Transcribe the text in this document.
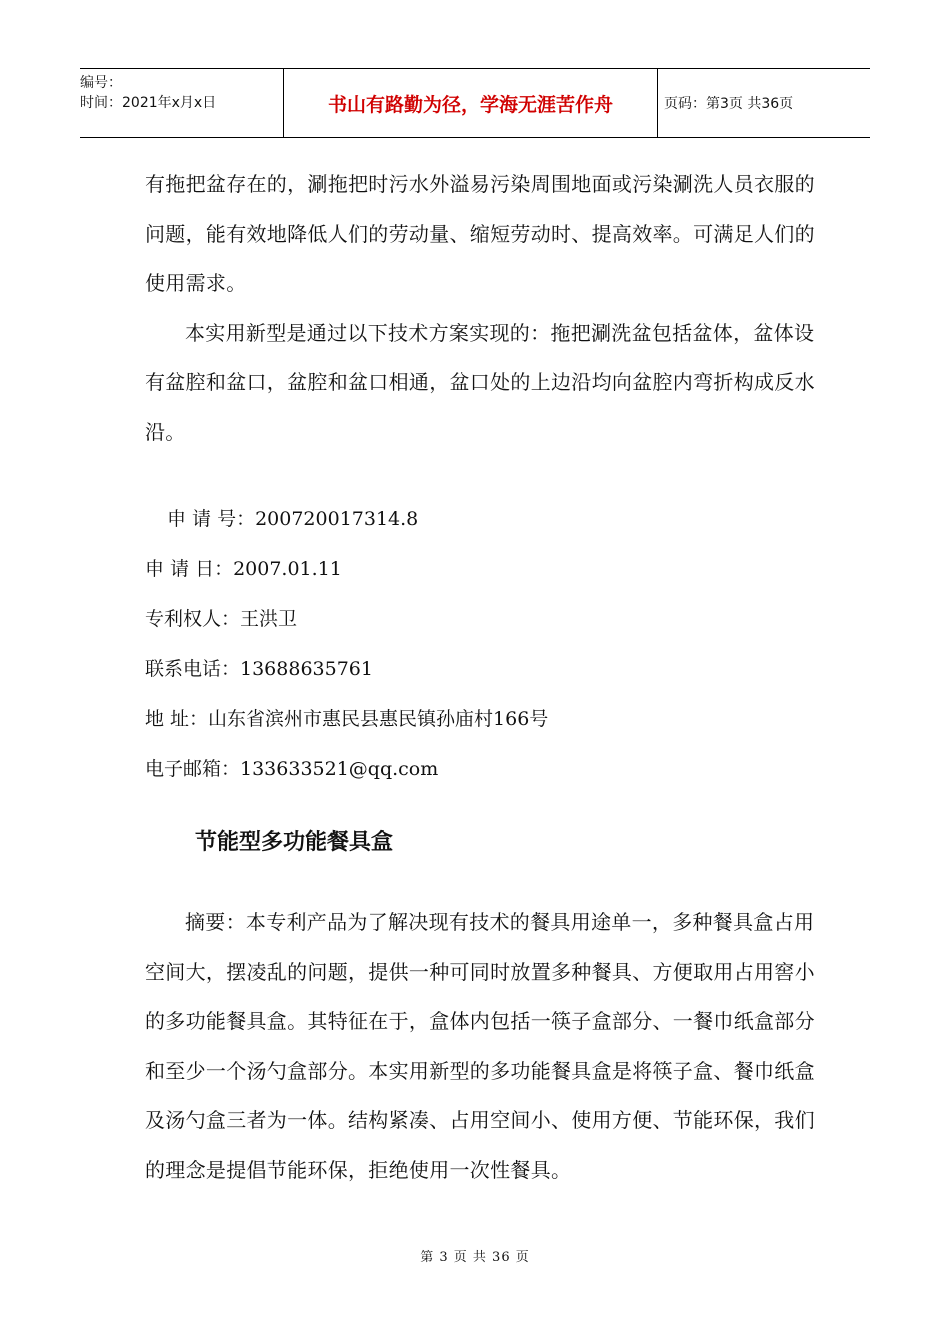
编号：
时间：2021年x月x日	书山有路勤为径，学海无涯苦作舟	页码：第3页 共36页

有拖把盆存在的，涮拖把时污水外溢易污染周围地面或污染涮洗人员衣服的问题，能有效地降低人们的劳动量、缩短劳动时、提高效率。可满足人们的使用需求。

本实用新型是通过以下技术方案实现的：拖把涮洗盆包括盆体，盆体设有盆腔和盆口，盆腔和盆口相通，盆口处的上边沿均向盆腔内弯折构成反水沿。

申 请 号：200720017314.8

申 请 日：2007.01.11

专利权人：王洪卫

联系电话：13688635761

地 址：山东省滨州市惠民县惠民镇孙庙村166号

电子邮箱：133633521@qq.com

节能型多功能餐具盒

摘要：本专利产品为了解决现有技术的餐具用途单一，多种餐具盒占用空间大，摆凌乱的问题，提供一种可同时放置多种餐具、方便取用占用窖小的多功能餐具盒。其特征在于，盒体内包括一筷子盒部分、一餐巾纸盒部分和至少一个汤勺盒部分。本实用新型的多功能餐具盒是将筷子盒、餐巾纸盒及汤勺盒三者为一体。结构紧凑、占用空间小、使用方便、节能环保，我们的理念是提倡节能环保，拒绝使用一次性餐具。

第 3 页 共 36 页
